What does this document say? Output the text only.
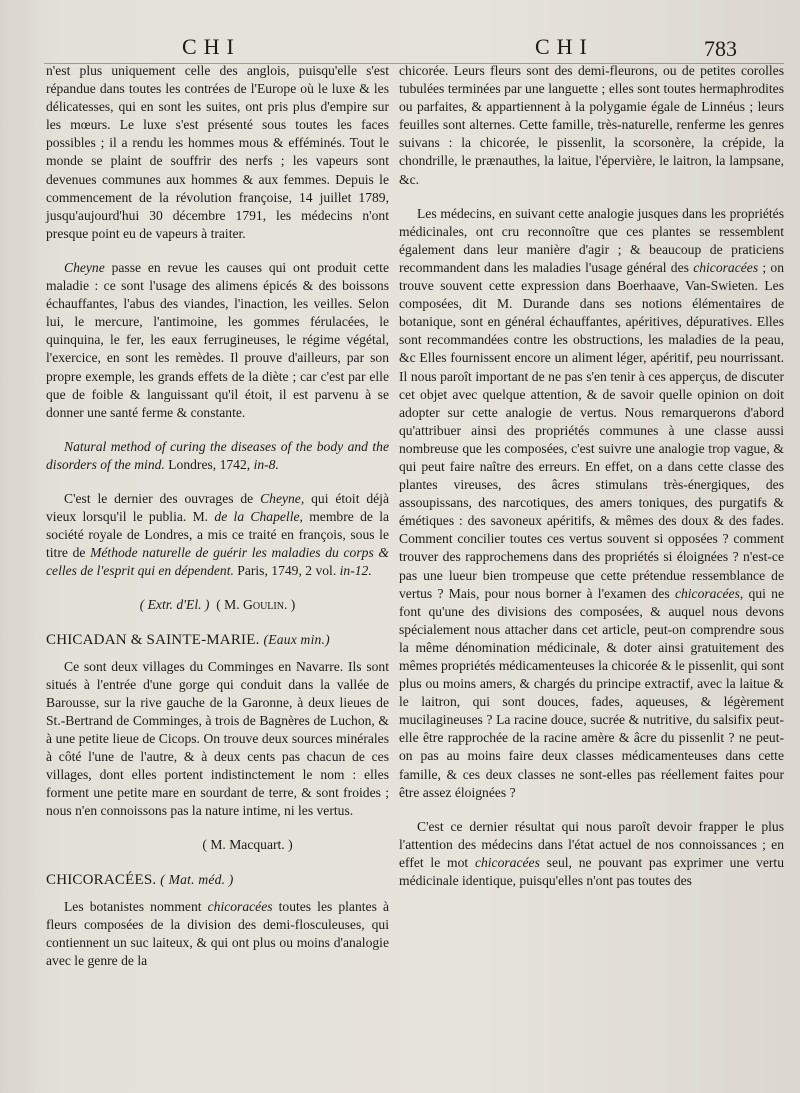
CHI	CHI	783

n'est plus uniquement celle des anglois, puisqu'elle s'est répandue dans toutes les contrées de l'Europe où le luxe & les délicatesses, qui en sont les suites, ont pris plus d'empire sur les mœurs. Le luxe s'est présenté sous toutes les faces possibles ; il a rendu les hommes mous & efféminés. Tout le monde se plaint de souffrir des nerfs ; les vapeurs sont devenues communes aux hommes & aux femmes. Depuis le commencement de la révolution françoise, 14 juillet 1789, jusqu'aujourd'hui 30 décembre 1791, les médecins n'ont presque point eu de vapeurs à traiter.

Cheyne passe en revue les causes qui ont produit cette maladie : ce sont l'usage des alimens épicés & des boissons échauffantes, l'abus des viandes, l'inaction, les veilles. Selon lui, le mercure, l'antimoine, les gommes férulacées, le quinquina, le fer, les eaux ferrugineuses, le régime végétal, l'exercice, en sont les remèdes. Il prouve d'ailleurs, par son propre exemple, les grands effets de la diète ; car c'est par elle que de foible & languissant qu'il étoit, il est parvenu à se donner une santé ferme & constante.

Natural method of curing the diseases of the body and the disorders of the mind. Londres, 1742, in-8.

C'est le dernier des ouvrages de Cheyne, qui étoit déjà vieux lorsqu'il le publia. M. de la Chapelle, membre de la société royale de Londres, a mis ce traité en françois, sous le titre de Méthode naturelle de guérir les maladies du corps & celles de l'esprit qui en dépendent. Paris, 1749, 2 vol. in-12.

( Extr. d'El. ) ( M. Goulin. )

CHICADAN & SAINTE-MARIE. (Eaux min.)

Ce sont deux villages du Comminges en Navarre. Ils sont situés à l'entrée d'une gorge qui conduit dans la vallée de Barousse, sur la rive gauche de la Garonne, à deux lieues de St.-Bertrand de Comminges, à trois de Bagnères de Luchon, & à une petite lieue de Cicops. On trouve deux sources minérales à côté l'une de l'autre, & à deux cents pas chacun de ces villages, dont elles portent indistinctement le nom : elles forment une petite mare en sourdant de terre, & sont froides ; nous n'en connoissons pas la nature intime, ni les vertus.

( M. Macquart. )

CHICORACÉES. ( Mat. méd. )

Les botanistes nomment chicoracées toutes les plantes à fleurs composées de la division des demi-flosculeuses, qui contiennent un suc laiteux, & qui ont plus ou moins d'analogie avec le genre de la

chicorée. Leurs fleurs sont des demi-fleurons, ou de petites corolles tubulées terminées par une languette ; elles sont toutes hermaphrodites ou parfaites, & appartiennent à la polygamie égale de Linnéus ; leurs feuilles sont alternes. Cette famille, très-naturelle, renferme les genres suivans : la chicorée, le pissenlit, la scorsonère, la crépide, la chondrille, le prænauthes, la laitue, l'épervière, le laitron, la lampsane, &c.

Les médecins, en suivant cette analogie jusques dans les propriétés médicinales, ont cru reconnoître que ces plantes se ressemblent également dans leur manière d'agir ; & beaucoup de praticiens recommandent dans les maladies l'usage général des chicoracées ; on trouve souvent cette expression dans Boerhaave, Van-Swieten. Les composées, dit M. Durande dans ses notions élémentaires de botanique, sont en général échauffantes, apéritives, dépuratives. Elles sont recommandées contre les obstructions, les maladies de la peau, &c Elles fournissent encore un aliment léger, apéritif, peu nourrissant. Il nous paroît important de ne pas s'en tenir à ces apperçus, de discuter cet objet avec quelque attention, & de savoir quelle opinion on doit adopter sur cette analogie de vertus. Nous remarquerons d'abord qu'attribuer ainsi des propriétés communes à une classe aussi nombreuse que les composées, c'est suivre une analogie trop vague, & qui peut faire naître des erreurs. En effet, on a dans cette classe des plantes vireuses, des âcres stimulans très-énergiques, des assoupissans, des narcotiques, des amers toniques, des purgatifs & émétiques : des savoneux apéritifs, & mêmes des doux & des fades. Comment concilier toutes ces vertus souvent si opposées ? comment trouver des rapprochemens dans des propriétés si éloignées ? n'est-ce pas une lueur bien trompeuse que cette prétendue ressemblance de vertus ? Mais, pour nous borner à l'examen des chicoracées, qui ne font qu'une des divisions des composées, & auquel nous devons spécialement nous attacher dans cet article, peut-on comprendre sous la même dénomination médicinale, & doter ainsi gratuitement des mêmes propriétés médicamenteuses la chicorée & le pissenlit, qui sont plus ou moins amers, & chargés du principe extractif, avec la laitue & le laitron, qui sont douces, fades, aqueuses, & légèrement mucilagineuses ? La racine douce, sucrée & nutritive, du salsifix peut-elle être rapprochée de la racine amère & âcre du pissenlit ? ne peut-on pas au moins faire deux classes médicamenteuses dans cette famille, & ces deux classes ne sont-elles pas réellement faites pour être assez éloignées ?

C'est ce dernier résultat qui nous paroît devoir frapper le plus l'attention des médecins dans l'état actuel de nos connoissances ; en effet le mot chicoracées seul, ne pouvant pas exprimer une vertu médicinale identique, puisqu'elles n'ont pas toutes des
